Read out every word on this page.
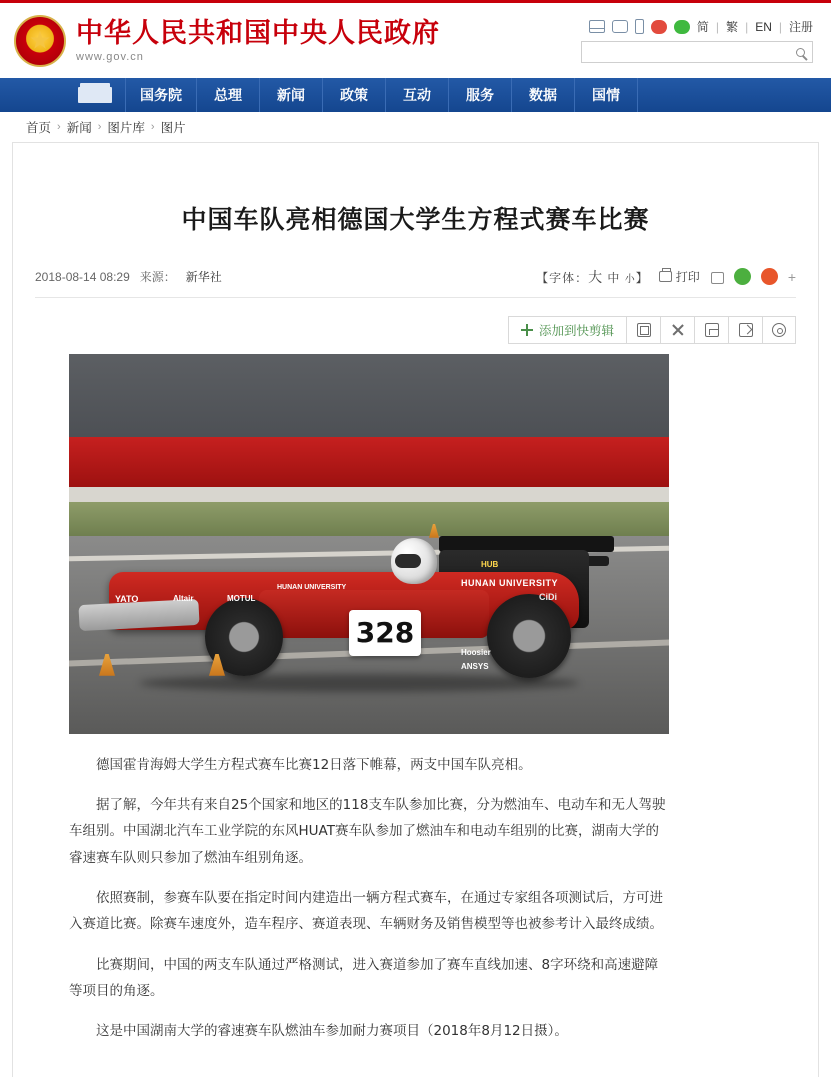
中华人民共和国中央人民政府
www.gov.cn
简 | 繁 | EN | 注册
国务院	总理	新闻	政策	互动	服务	数据	国情
首页 › 新闻 › 图片库 › 图片
中国车队亮相德国大学生方程式赛车比赛
2018-08-14 08:29 来源： 新华社	【字体：大 中 小】 打印	+
添加到快剪辑
328
HUB
HUNAN UNIVERSITY
CiDi
YATO	Altair	MOTUL
HUNAN UNIVERSITY
Hoosier
ANSYS

德国霍肯海姆大学生方程式赛车比赛12日落下帷幕，两支中国车队亮相。

据了解，今年共有来自25个国家和地区的118支车队参加比赛，分为燃油车、电动车和无人驾驶车组别。中国湖北汽车工业学院的东风HUAT赛车队参加了燃油车和电动车组别的比赛，湖南大学的睿速赛车队则只参加了燃油车组别角逐。

依照赛制，参赛车队要在指定时间内建造出一辆方程式赛车，在通过专家组各项测试后，方可进入赛道比赛。除赛车速度外，造车程序、赛道表现、车辆财务及销售模型等也被参考计入最终成绩。

比赛期间，中国的两支车队通过严格测试，进入赛道参加了赛车直线加速、8字环绕和高速避障等项目的角逐。

这是中国湖南大学的睿速赛车队燃油车参加耐力赛项目（2018年8月12日摄）。
